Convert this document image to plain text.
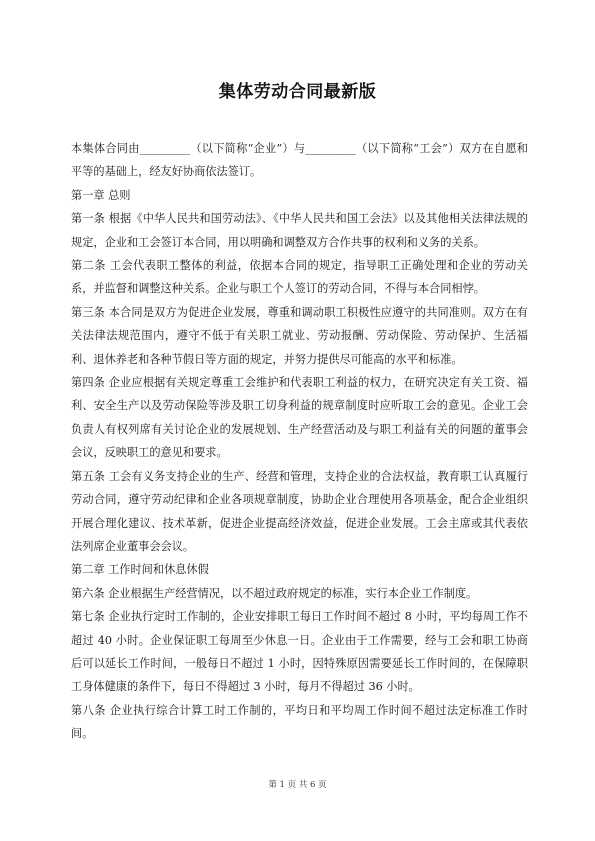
集体劳动合同最新版

本集体合同由_________（以下简称“企业”）与_________（以下简称“工会”）双方在自愿和平等的基础上，经友好协商依法签订。

第一章 总则

第一条 根据《中华人民共和国劳动法》、《中华人民共和国工会法》以及其他相关法律法规的规定，企业和工会签订本合同，用以明确和调整双方合作共事的权利和义务的关系。

第二条 工会代表职工整体的利益，依据本合同的规定，指导职工正确处理和企业的劳动关系，并监督和调整这种关系。企业与职工个人签订的劳动合同，不得与本合同相悖。

第三条 本合同是双方为促进企业发展，尊重和调动职工积极性应遵守的共同准则。双方在有关法律法规范围内，遵守不低于有关职工就业、劳动报酬、劳动保险、劳动保护、生活福利、退休养老和各种节假日等方面的规定，并努力提供尽可能高的水平和标准。

第四条 企业应根据有关规定尊重工会维护和代表职工利益的权力，在研究决定有关工资、福利、安全生产以及劳动保险等涉及职工切身利益的规章制度时应听取工会的意见。企业工会负责人有权列席有关讨论企业的发展规划、生产经营活动及与职工利益有关的问题的董事会会议，反映职工的意见和要求。

第五条 工会有义务支持企业的生产、经营和管理，支持企业的合法权益，教育职工认真履行劳动合同，遵守劳动纪律和企业各项规章制度，协助企业合理使用各项基金，配合企业组织开展合理化建议、技术革新，促进企业提高经济效益，促进企业发展。工会主席或其代表依法列席企业董事会会议。

第二章 工作时间和休息休假

第六条 企业根据生产经营情况，以不超过政府规定的标准，实行本企业工作制度。

第七条 企业执行定时工作制的，企业安排职工每日工作时间不超过 8 小时，平均每周工作不超过 40 小时。企业保证职工每周至少休息一日。企业由于工作需要，经与工会和职工协商后可以延长工作时间，一般每日不超过 1 小时，因特殊原因需要延长工作时间的，在保障职工身体健康的条件下，每日不得超过 3 小时，每月不得超过 36 小时。

第八条 企业执行综合计算工时工作制的，平均日和平均周工作时间不超过法定标准工作时间。

第 1 页 共 6 页
